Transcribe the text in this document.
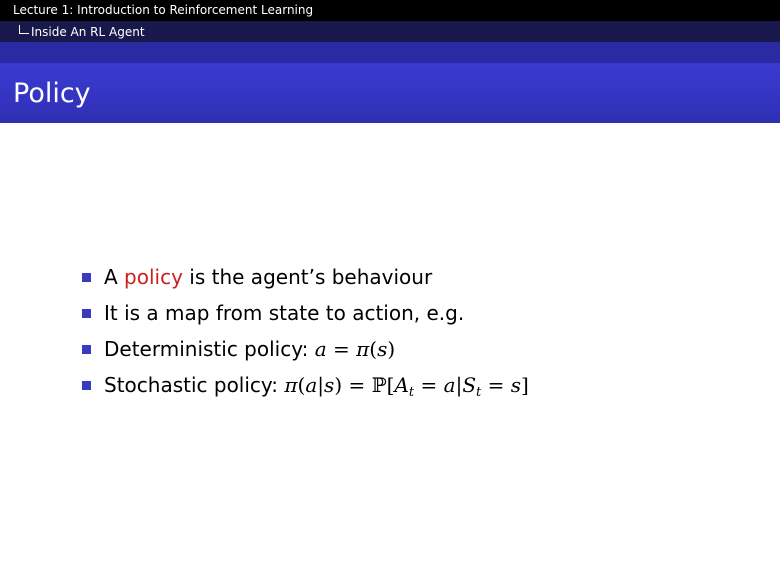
Lecture 1: Introduction to Reinforcement Learning
Inside An RL Agent
Policy
A policy is the agent’s behaviour
It is a map from state to action, e.g.
Deterministic policy: a = π(s)
Stochastic policy: $\pi(a|s) = ℙ[A_t = a|S_t = s]$
